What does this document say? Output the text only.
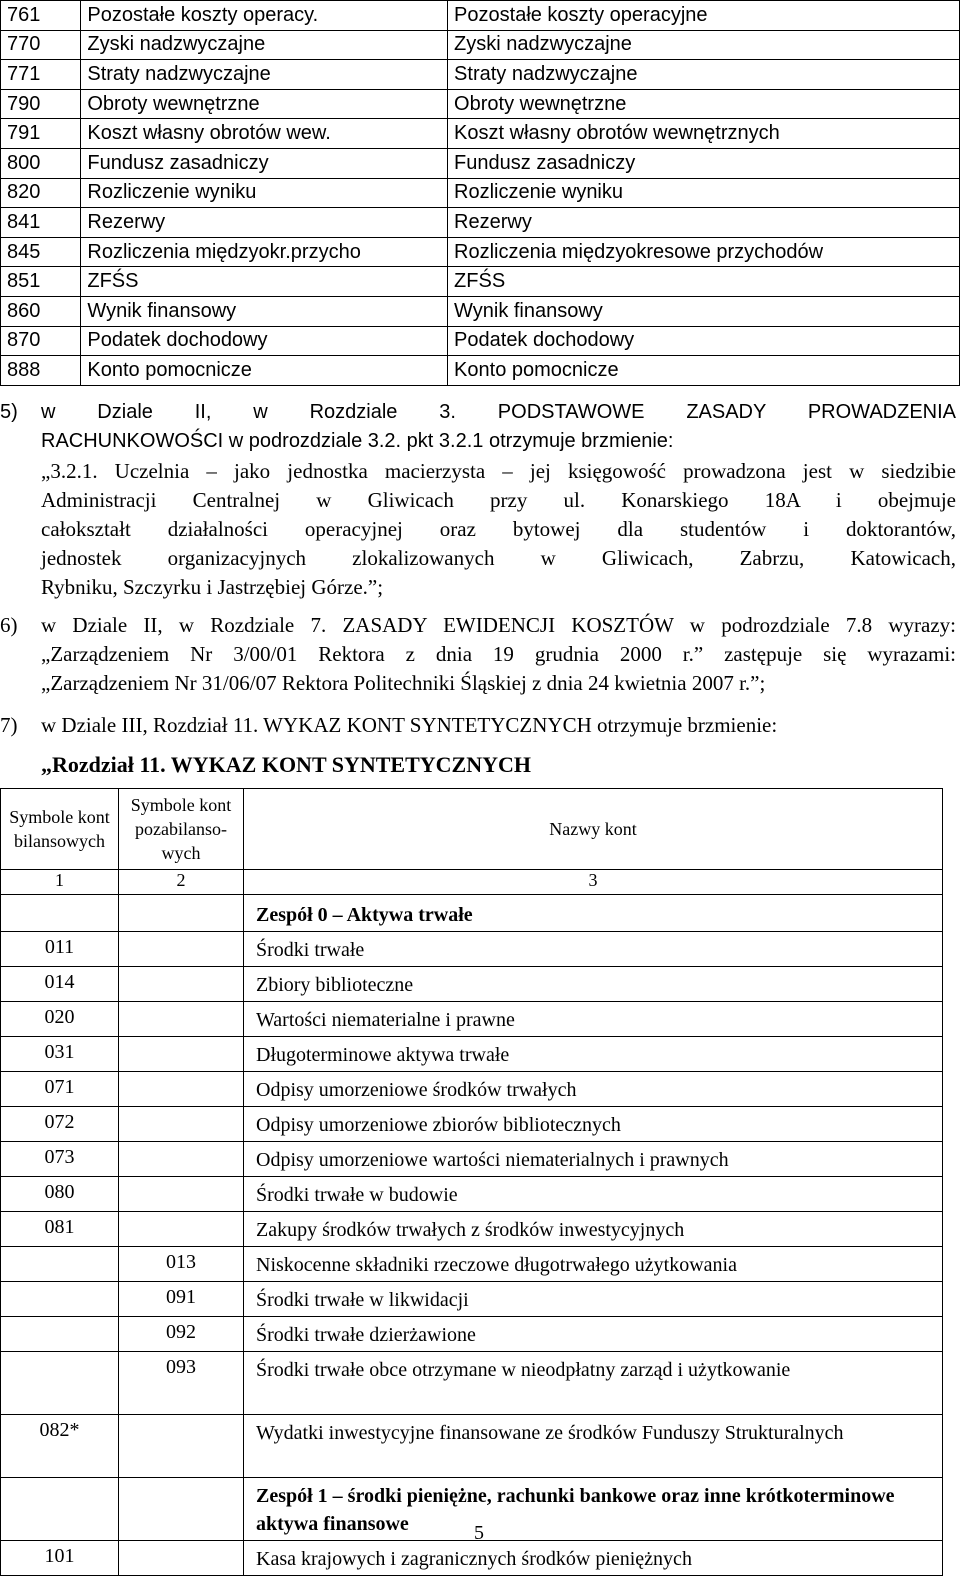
761	Pozostałe koszty operacy.	Pozostałe koszty operacyjne
770	Zyski nadzwyczajne	Zyski nadzwyczajne
771	Straty nadzwyczajne	Straty nadzwyczajne
790	Obroty wewnętrzne	Obroty wewnętrzne
791	Koszt własny obrotów wew.	Koszt własny obrotów wewnętrznych
800	Fundusz zasadniczy	Fundusz zasadniczy
820	Rozliczenie wyniku	Rozliczenie wyniku
841	Rezerwy	Rezerwy
845	Rozliczenia międzyokr.przycho	Rozliczenia międzyokresowe przychodów
851	ZFŚS	ZFŚS
860	Wynik finansowy	Wynik finansowy
870	Podatek dochodowy	Podatek dochodowy
888	Konto pomocnicze	Konto pomocnicze
5) w Dziale II, w Rozdziale 3. PODSTAWOWE ZASADY PROWADZENIA
RACHUNKOWOŚCI w podrozdziale 3.2. pkt 3.2.1 otrzymuje brzmienie:
„3.2.1. Uczelnia – jako jednostka macierzysta – jej księgowość prowadzona jest w siedzibie
Administracji Centralnej w Gliwicach przy ul. Konarskiego 18A i obejmuje
całokształt działalności operacyjnej oraz bytowej dla studentów i doktorantów,
jednostek organizacyjnych zlokalizowanych w Gliwicach, Zabrzu, Katowicach,
Rybniku, Szczyrku i Jastrzębiej Górze.”;
6) w Dziale II, w Rozdziale 7. ZASADY EWIDENCJI KOSZTÓW w podrozdziale 7.8 wyrazy:
„Zarządzeniem Nr 3/00/01 Rektora z dnia 19 grudnia 2000 r.” zastępuje się wyrazami:
„Zarządzeniem Nr 31/06/07 Rektora Politechniki Śląskiej z dnia 24 kwietnia 2007 r.”;
7) w Dziale III, Rozdział 11. WYKAZ KONT SYNTETYCZNYCH otrzymuje brzmienie:
„Rozdział 11. WYKAZ KONT SYNTETYCZNYCH
Symbole kont bilansowych	Symbole kont pozabilanso-wych	Nazwy kont
1	2	3
		Zespół 0 – Aktywa trwałe
011		Środki trwałe
014		Zbiory biblioteczne
020		Wartości niematerialne i prawne
031		Długoterminowe aktywa trwałe
071		Odpisy umorzeniowe środków trwałych
072		Odpisy umorzeniowe zbiorów bibliotecznych
073		Odpisy umorzeniowe wartości niematerialnych i prawnych
080		Środki trwałe w budowie
081		Zakupy środków trwałych z środków inwestycyjnych
	013	Niskocenne składniki rzeczowe długotrwałego użytkowania
	091	Środki trwałe w likwidacji
	092	Środki trwałe dzierżawione
	093	Środki trwałe obce otrzymane w nieodpłatny zarząd i użytkowanie
082*		Wydatki inwestycyjne finansowane ze środków Funduszy Strukturalnych
		Zespół 1 – środki pieniężne, rachunki bankowe oraz inne krótkoterminowe aktywa finansowe
101		Kasa krajowych i zagranicznych środków pieniężnych
5
